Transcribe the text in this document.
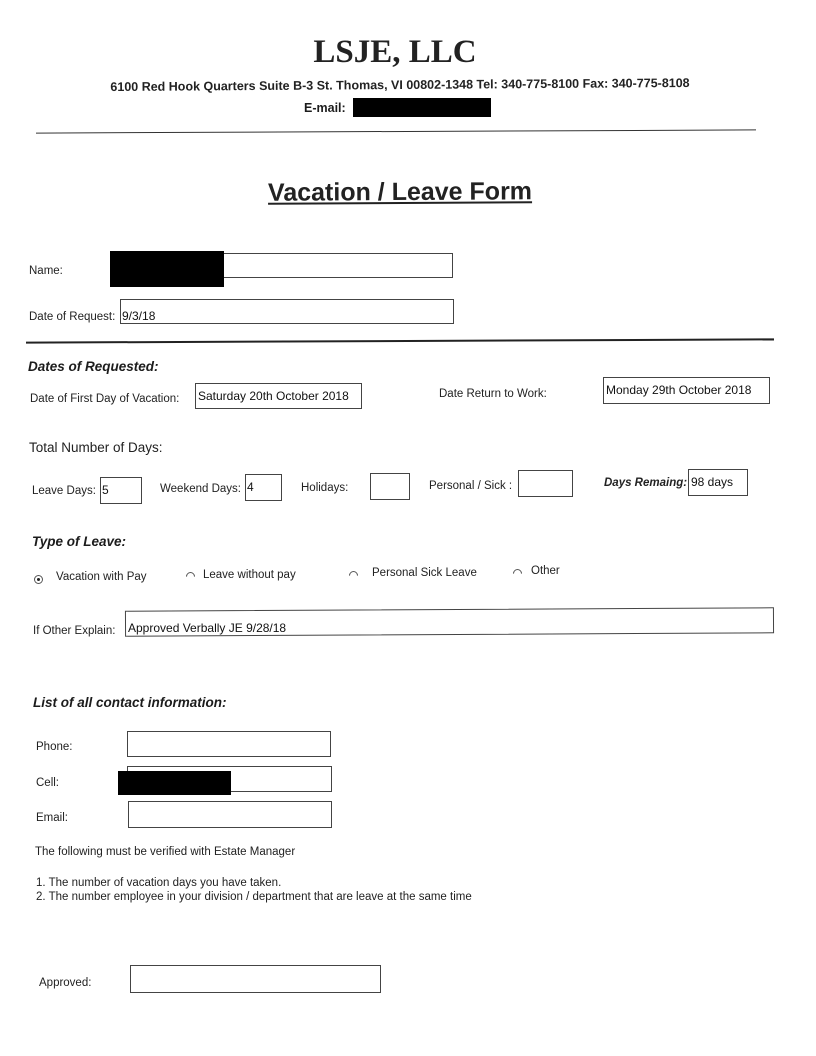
LSJE, LLC
6100 Red Hook Quarters Suite B-3 St. Thomas, VI 00802-1348 Tel: 340-775-8100 Fax: 340-775-8108
E-mail:
Vacation / Leave Form
Name:
Date of Request: 9/3/18
Dates of Requested:
Date of First Day of Vacation: Saturday 20th October 2018	Date Return to Work:	Monday 29th October 2018
Total Number of Days:
Leave Days: 5	Weekend Days: 4	Holidays:	Personal / Sick :	Days Remaing: 98 days
Type of Leave:
Vacation with Pay	Leave without pay	Personal Sick Leave	Other
If Other Explain: Approved Verbally JE 9/28/18
List of all contact information:
Phone:
Cell:
Email:
The following must be verified with Estate Manager
1. The number of vacation days you have taken.
2. The number employee in your division / department that are leave at the same time
Approved:
